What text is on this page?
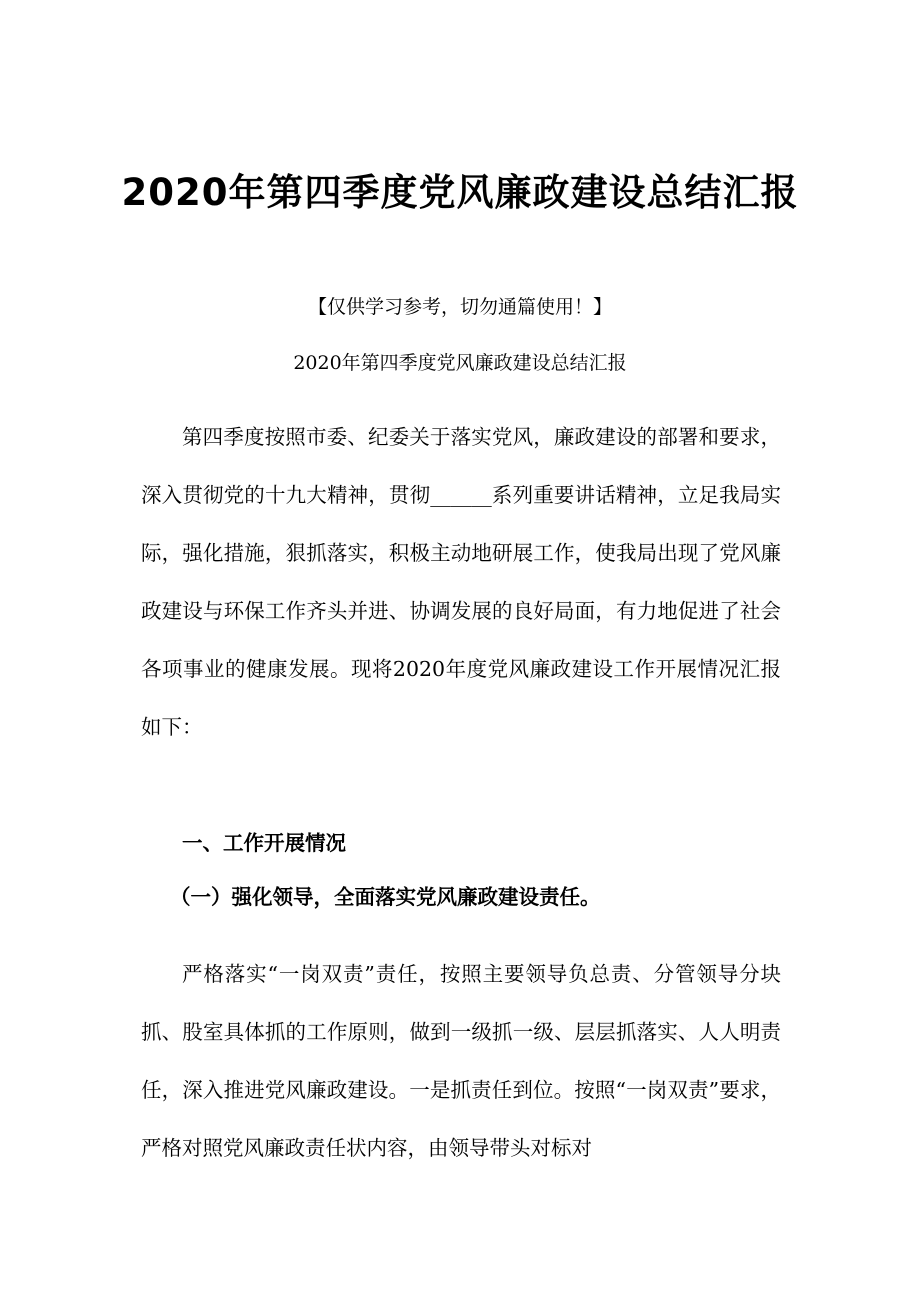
2020年第四季度党风廉政建设总结汇报
【仅供学习参考，切勿通篇使用！】
2020年第四季度党风廉政建设总结汇报

第四季度按照市委、纪委关于落实党风，廉政建设的部署和要求，深入贯彻党的十九大精神，贯彻______系列重要讲话精神，立足我局实际，强化措施，狠抓落实，积极主动地研展工作，使我局出现了党风廉政建设与环保工作齐头并进、协调发展的良好局面，有力地促进了社会各项事业的健康发展。现将2020年度党风廉政建设工作开展情况汇报如下：

一、工作开展情况
（一）强化领导，全面落实党风廉政建设责任。

严格落实“一岗双责”责任，按照主要领导负总责、分管领导分块抓、股室具体抓的工作原则，做到一级抓一级、层层抓落实、人人明责任，深入推进党风廉政建设。一是抓责任到位。按照“一岗双责”要求，严格对照党风廉政责任状内容，由领导带头对标对
